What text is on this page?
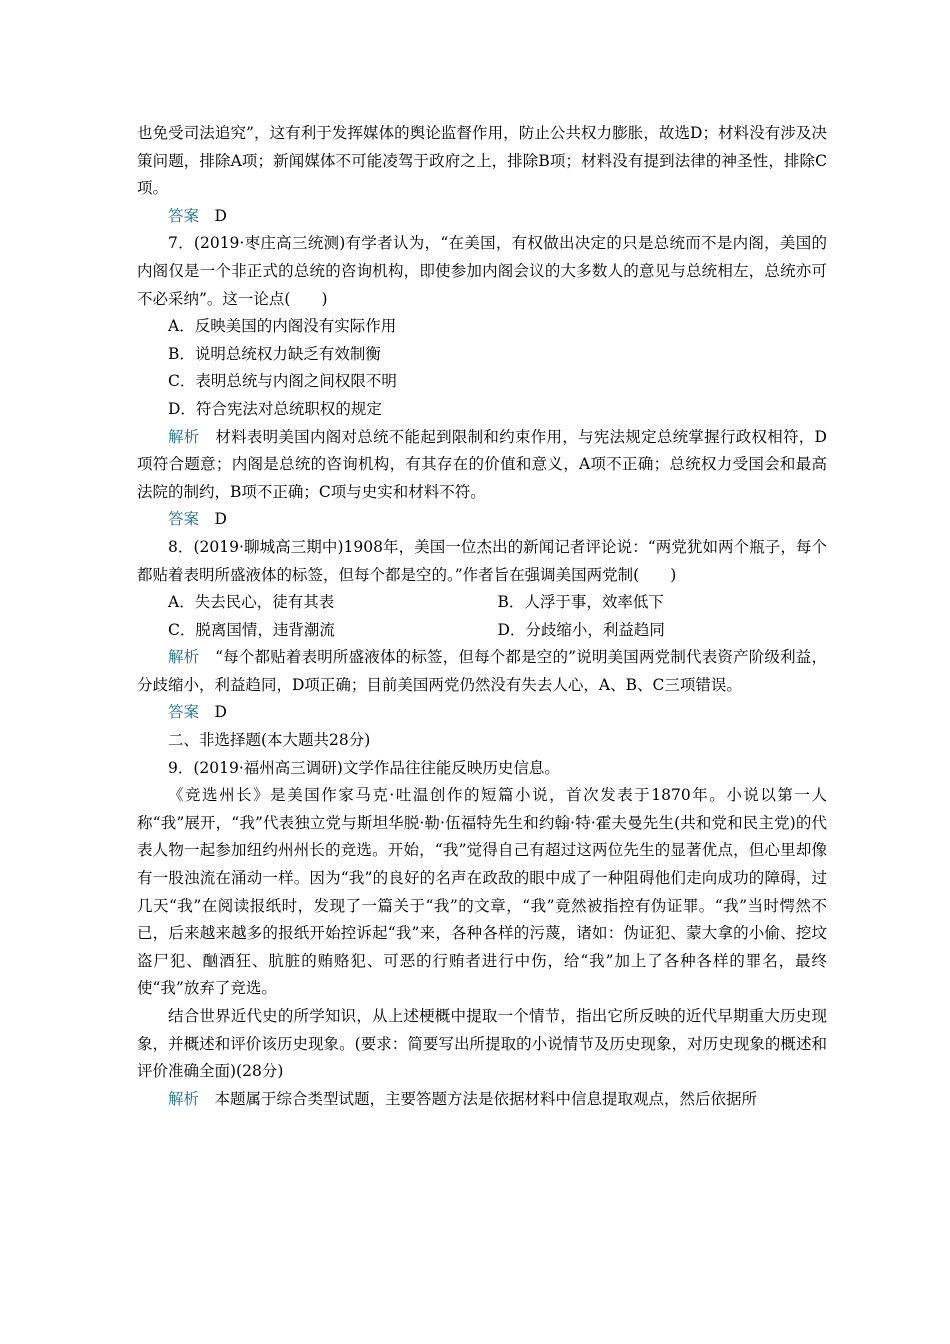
也免受司法追究”，这有利于发挥媒体的舆论监督作用，防止公共权力膨胀，故选D；材料没有涉及决策问题，排除A项；新闻媒体不可能凌驾于政府之上，排除B项；材料没有提到法律的神圣性，排除C项。

答案　 D

7．(2019·枣庄高三统测)有学者认为，“在美国，有权做出决定的只是总统而不是内阁，美国的内阁仅是一个非正式的总统的咨询机构，即使参加内阁会议的大多数人的意见与总统相左，总统亦可不必采纳”。这一论点(　　)

A．反映美国的内阁没有实际作用

B．说明总统权力缺乏有效制衡

C．表明总统与内阁之间权限不明

D．符合宪法对总统职权的规定

解析　 材料表明美国内阁对总统不能起到限制和约束作用，与宪法规定总统掌握行政权相符，D项符合题意；内阁是总统的咨询机构，有其存在的价值和意义，A项不正确；总统权力受国会和最高法院的制约，B项不正确；C项与史实和材料不符。

答案　 D

8．(2019·聊城高三期中)1908年，美国一位杰出的新闻记者评论说：“两党犹如两个瓶子，每个都贴着表明所盛液体的标签，但每个都是空的。”作者旨在强调美国两党制(　　)

A．失去民心，徒有其表	B．人浮于事，效率低下
C．脱离国情，违背潮流	D．分歧缩小，利益趋同

解析　 “每个都贴着表明所盛液体的标签，但每个都是空的”说明美国两党制代表资产阶级利益，分歧缩小，利益趋同，D项正确；目前美国两党仍然没有失去人心，A、B、C三项错误。

答案　 D

二、非选择题(本大题共28分)

9．(2019·福州高三调研)文学作品往往能反映历史信息。

《竞选州长》是美国作家马克·吐温创作的短篇小说，首次发表于1870年。小说以第一人称“我”展开，“我”代表独立党与斯坦华脱·勒·伍福特先生和约翰·特·霍夫曼先生(共和党和民主党)的代表人物一起参加纽约州州长的竞选。开始，“我”觉得自己有超过这两位先生的显著优点，但心里却像有一股浊流在涌动一样。因为“我”的良好的名声在政敌的眼中成了一种阻碍他们走向成功的障碍，过几天“我”在阅读报纸时，发现了一篇关于“我”的文章，“我”竟然被指控有伪证罪。“我”当时愕然不已，后来越来越多的报纸开始控诉起“我”来，各种各样的污蔑，诸如：伪证犯、蒙大拿的小偷、挖坟盗尸犯、酗酒狂、肮脏的贿赂犯、可恶的行贿者进行中伤，给“我”加上了各种各样的罪名，最终使“我”放弃了竞选。

结合世界近代史的所学知识，从上述梗概中提取一个情节，指出它所反映的近代早期重大历史现象，并概述和评价该历史现象。(要求：简要写出所提取的小说情节及历史现象，对历史现象的概述和评价准确全面)(28分)

解析　 本题属于综合类型试题，主要答题方法是依据材料中信息提取观点，然后依据所
